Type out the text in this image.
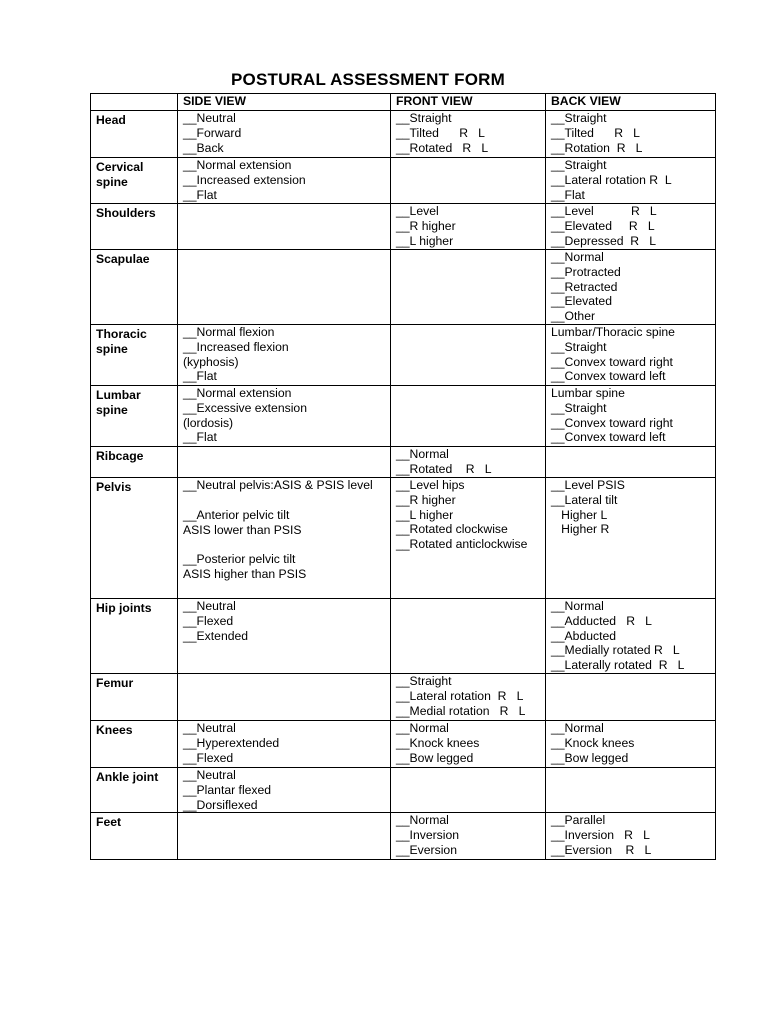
POSTURAL ASSESSMENT FORM
	SIDE VIEW	FRONT VIEW	BACK VIEW
Head	__Neutral
__Forward
__Back	__Straight
__Tilted      R   L
__Rotated   R   L	__Straight
__Tilted      R   L
__Rotation  R   L

Cervical spine	__Normal extension
__Increased extension
__Flat		__Straight
__Lateral rotation R  L
__Flat

Shoulders		__Level
__R higher
__L higher	__Level           R   L
__Elevated     R   L
__Depressed  R   L

Scapulae			__Normal
__Protracted
__Retracted
__Elevated
__Other

Thoracic spine	__Normal flexion
__Increased flexion
(kyphosis)
__Flat		Lumbar/Thoracic spine
__Straight
__Convex toward right
__Convex toward left

Lumbar spine	__Normal extension
__Excessive extension
(lordosis)
__Flat		Lumbar spine
__Straight
__Convex toward right
__Convex toward left

Ribcage		__Normal
__Rotated    R   L	

Pelvis	__Neutral pelvis:ASIS & PSIS level
__Anterior pelvic tilt
ASIS lower than PSIS
__Posterior pelvic tilt
ASIS higher than PSIS	__Level hips
__R higher
__L higher
__Rotated clockwise
__Rotated anticlockwise	__Level PSIS
__Lateral tilt
Higher L
Higher R

Hip joints	__Neutral
__Flexed
__Extended		__Normal
__Adducted   R   L
__Abducted
__Medially rotated R   L
__Laterally rotated  R   L

Femur		__Straight
__Lateral rotation  R   L
__Medial rotation   R   L	

Knees	__Neutral
__Hyperextended
__Flexed	__Normal
__Knock knees
__Bow legged	__Normal
__Knock knees
__Bow legged

Ankle joint	__Neutral
__Plantar flexed
__Dorsiflexed		

Feet		__Normal
__Inversion
__Eversion	__Parallel
__Inversion   R   L
__Eversion    R   L
